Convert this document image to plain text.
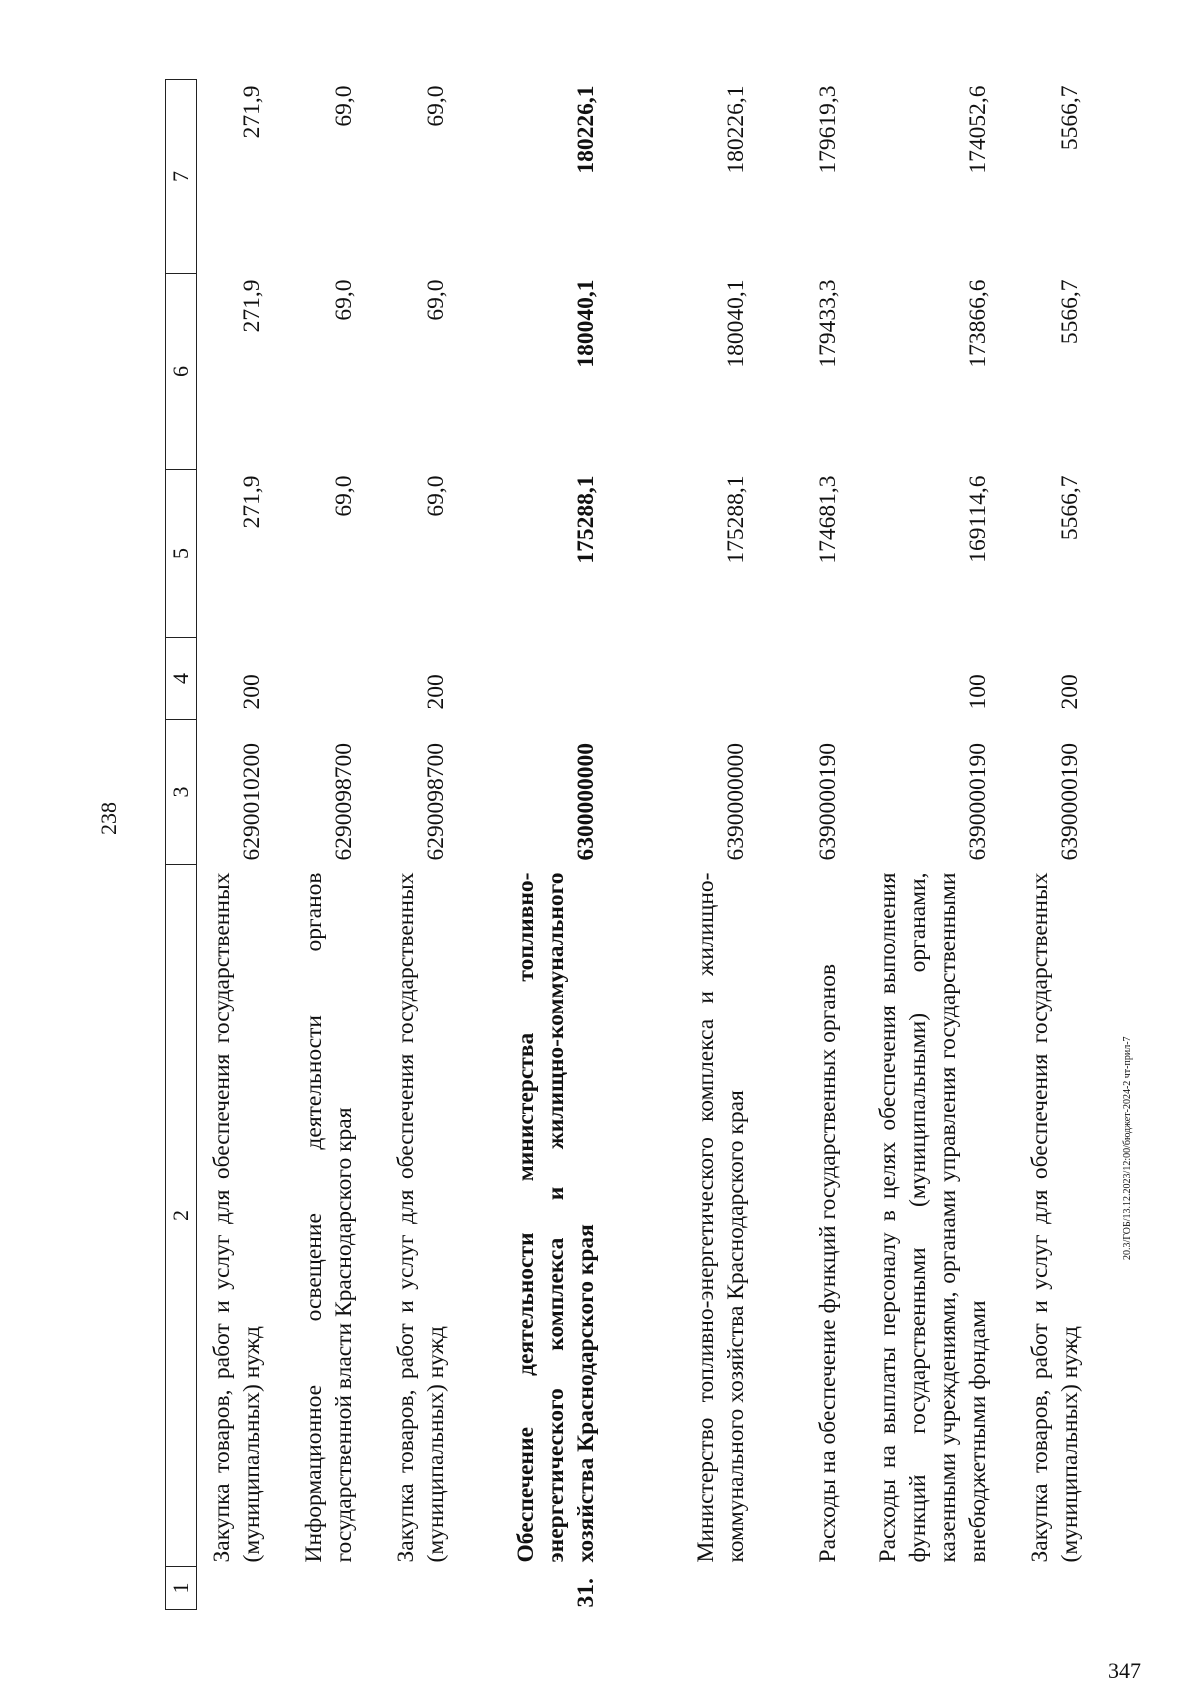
238
1	2	3	4	5	6	7
	Закупка товаров, работ и услуг для обеспечения государственных (муниципальных) нужд	6290010200	200	271,9	271,9	271,9
	Информационное освещение деятельности органов государственной власти Краснодарского края	6290098700		69,0	69,0	69,0
	Закупка товаров, работ и услуг для обеспечения государственных (муниципальных) нужд	6290098700	200	69,0	69,0	69,0
31.	Обеспечение деятельности министерства топливно-энергетического комплекса и жилищно-коммунального хозяйства Краснодарского края	6300000000		175288,1	180040,1	180226,1
	Министерство топливно-энергетического комплекса и жилищно-коммунального хозяйства Краснодарского края	6390000000		175288,1	180040,1	180226,1
	Расходы на обеспечение функций государственных органов	6390000190		174681,3	179433,3	179619,3
	Расходы на выплаты персоналу в целях обеспечения выполнения функций государственными (муниципальными) органами, казенными учреждениями, органами управления государственными внебюджетными фондами	6390000190	100	169114,6	173866,6	174052,6
	Закупка товаров, работ и услуг для обеспечения государственных (муниципальных) нужд	6390000190	200	5566,7	5566,7	5566,7
20.3/ГОБ/13.12.2023/12:00/бюджет-2024-2 чт-прил-7
347
